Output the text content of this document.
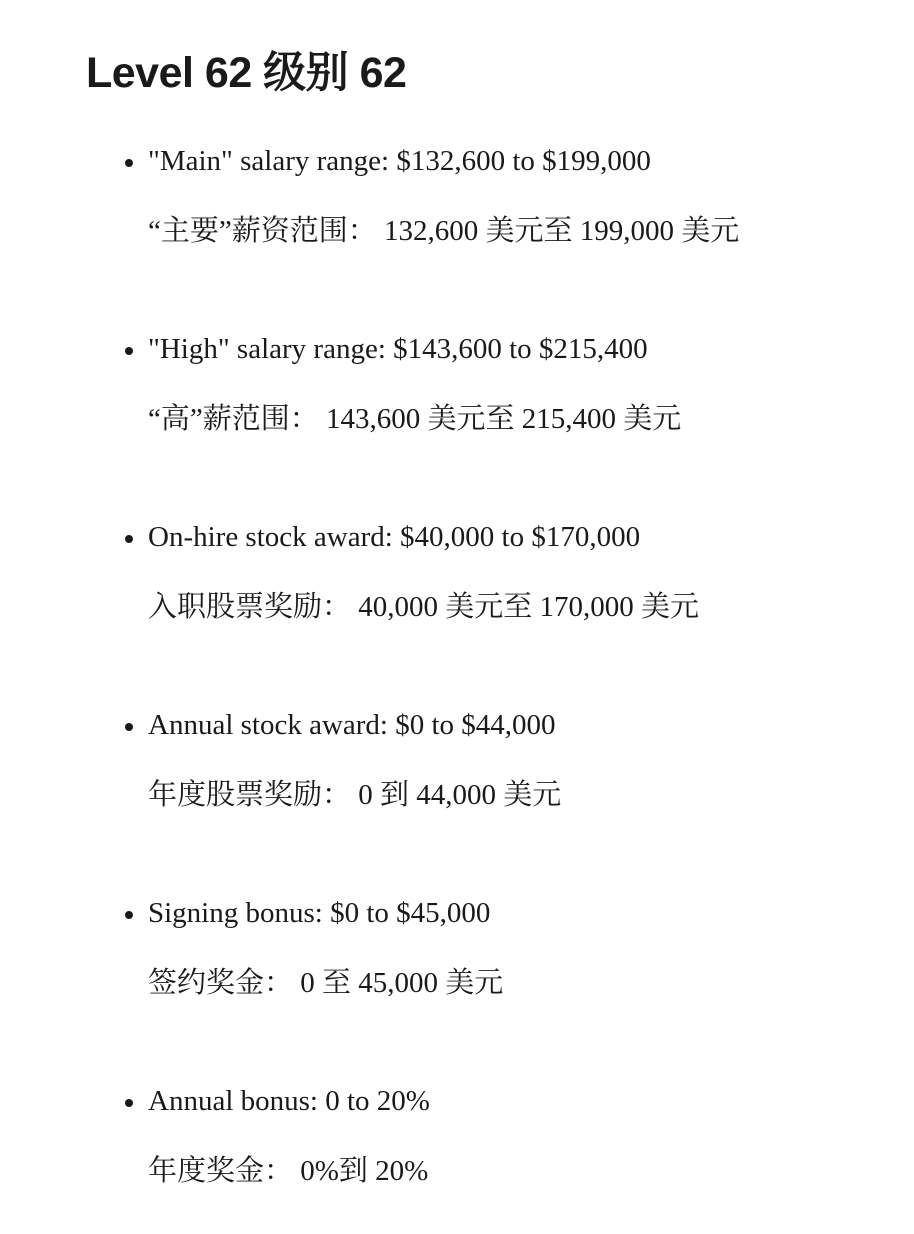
Level 62 级别 62

"Main" salary range: $132,600 to $199,000

“主要”薪资范围： 132,600 美元至 199,000 美元

"High" salary range: $143,600 to $215,400

“高”薪范围： 143,600 美元至 215,400 美元

On-hire stock award: $40,000 to $170,000

入职股票奖励： 40,000 美元至 170,000 美元

Annual stock award: $0 to $44,000

年度股票奖励： 0 到 44,000 美元

Signing bonus: $0 to $45,000

签约奖金： 0 至 45,000 美元

Annual bonus: 0 to 20%

年度奖金： 0%到 20%
